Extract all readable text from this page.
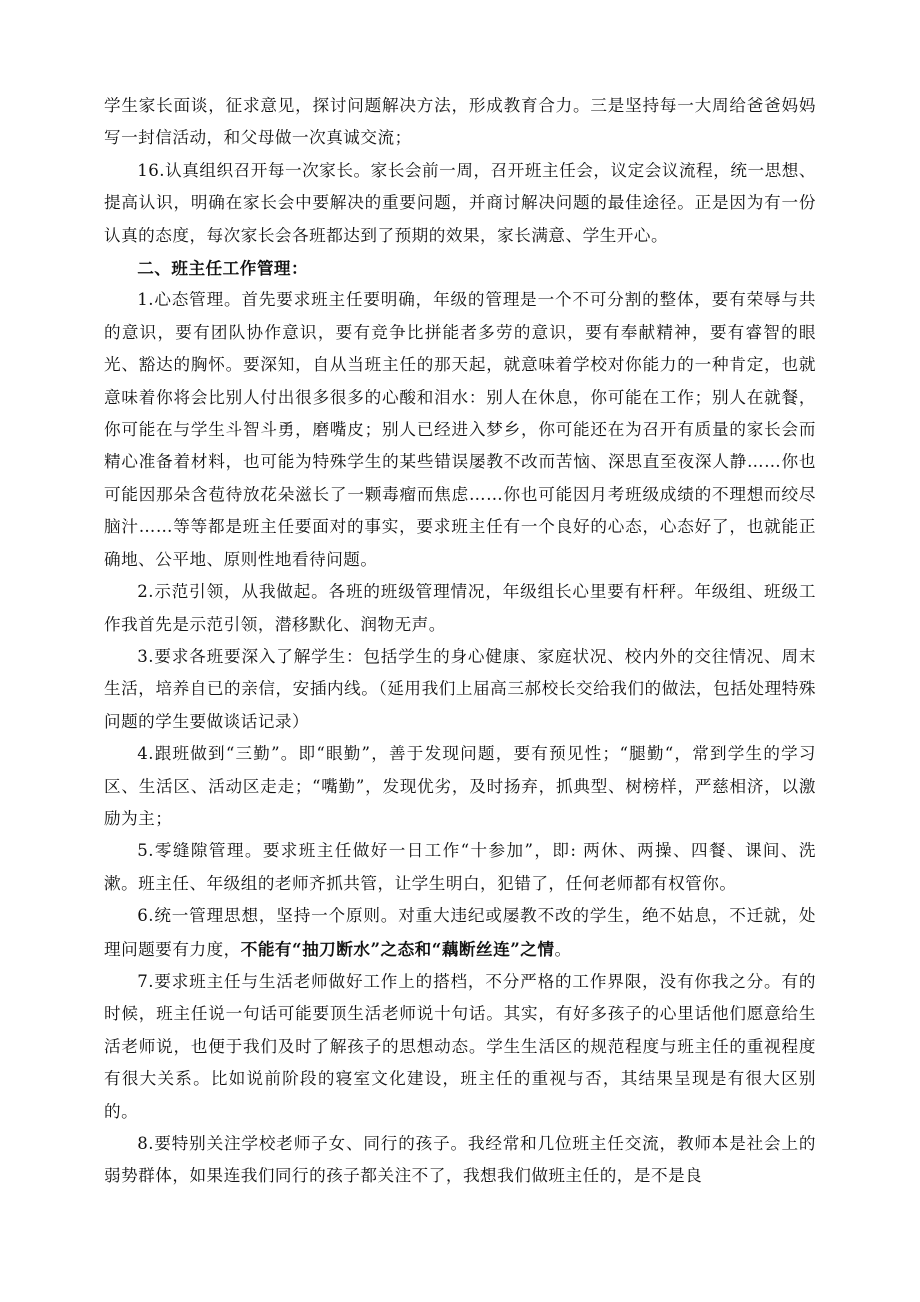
学生家长面谈，征求意见，探讨问题解决方法，形成教育合力。三是坚持每一大周给爸爸妈妈写一封信活动，和父母做一次真诚交流；

16.认真组织召开每一次家长。家长会前一周，召开班主任会，议定会议流程，统一思想、提高认识，明确在家长会中要解决的重要问题，并商讨解决问题的最佳途径。正是因为有一份认真的态度，每次家长会各班都达到了预期的效果，家长满意、学生开心。

二、班主任工作管理：

1.心态管理。首先要求班主任要明确，年级的管理是一个不可分割的整体，要有荣辱与共的意识，要有团队协作意识，要有竞争比拼能者多劳的意识，要有奉献精神，要有睿智的眼光、豁达的胸怀。要深知，自从当班主任的那天起，就意味着学校对你能力的一种肯定，也就意味着你将会比别人付出很多很多的心酸和泪水：别人在休息，你可能在工作；别人在就餐，你可能在与学生斗智斗勇，磨嘴皮；别人已经进入梦乡，你可能还在为召开有质量的家长会而精心准备着材料，也可能为特殊学生的某些错误屡教不改而苦恼、深思直至夜深人静……你也可能因那朵含苞待放花朵滋长了一颗毒瘤而焦虑……你也可能因月考班级成绩的不理想而绞尽脑汁……等等都是班主任要面对的事实，要求班主任有一个良好的心态，心态好了，也就能正确地、公平地、原则性地看待问题。

2.示范引领，从我做起。各班的班级管理情况，年级组长心里要有杆秤。年级组、班级工作我首先是示范引领，潜移默化、润物无声。

3.要求各班要深入了解学生：包括学生的身心健康、家庭状况、校内外的交往情况、周末生活，培养自已的亲信，安插内线。（延用我们上届高三郝校长交给我们的做法，包括处理特殊问题的学生要做谈话记录）

4.跟班做到“三勤”。即“眼勤”，善于发现问题，要有预见性；“腿勤“，常到学生的学习区、生活区、活动区走走；“嘴勤”，发现优劣，及时扬弃，抓典型、树榜样，严慈相济，以激励为主；

5.零缝隙管理。要求班主任做好一日工作“十参加”，即: 两休、两操、四餐、课间、洗漱。班主任、年级组的老师齐抓共管，让学生明白，犯错了，任何老师都有权管你。

6.统一管理思想，坚持一个原则。对重大违纪或屡教不改的学生，绝不姑息，不迁就，处理问题要有力度，不能有“抽刀断水”之态和“藕断丝连”之情。

7.要求班主任与生活老师做好工作上的搭档，不分严格的工作界限，没有你我之分。有的时候，班主任说一句话可能要顶生活老师说十句话。其实，有好多孩子的心里话他们愿意给生活老师说，也便于我们及时了解孩子的思想动态。学生生活区的规范程度与班主任的重视程度有很大关系。比如说前阶段的寝室文化建设，班主任的重视与否，其结果呈现是有很大区别的。

8.要特别关注学校老师子女、同行的孩子。我经常和几位班主任交流，教师本是社会上的弱势群体，如果连我们同行的孩子都关注不了，我想我们做班主任的，是不是良
